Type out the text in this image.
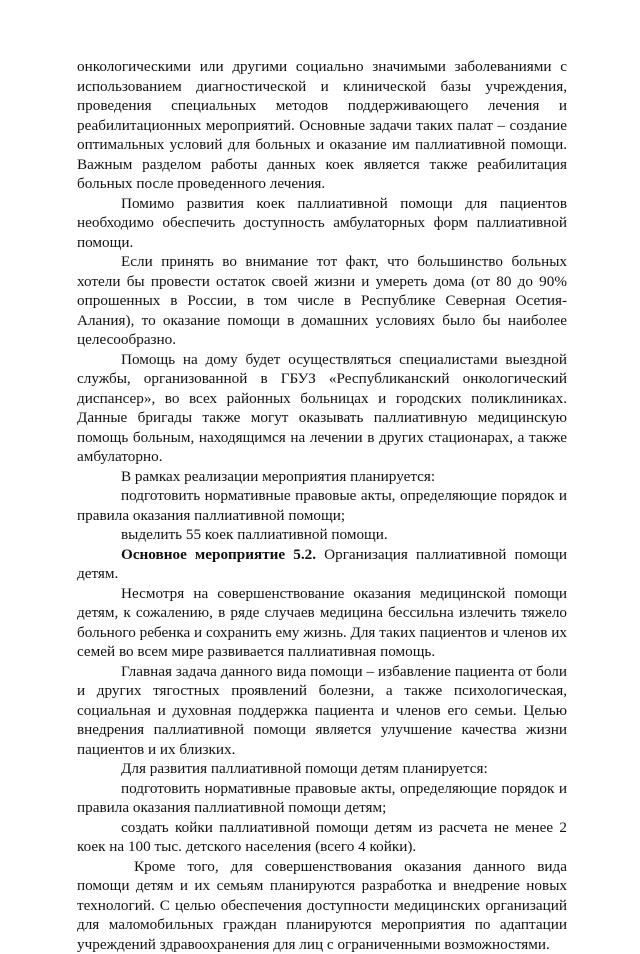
онкологическими или другими социально значимыми заболеваниями с использованием диагностической и клинической базы учреждения, проведения специальных методов поддерживающего лечения и реабилитационных мероприятий. Основные задачи таких палат – создание оптимальных условий для больных и оказание им паллиативной помощи. Важным разделом работы данных коек является также реабилитация больных после проведенного лечения.

Помимо развития коек паллиативной помощи для пациентов необходимо обеспечить доступность амбулаторных форм паллиативной помощи.

Если принять во внимание тот факт, что большинство больных хотели бы провести остаток своей жизни и умереть дома (от 80 до 90% опрошенных в России, в том числе в Республике Северная Осетия-Алания), то оказание помощи в домашних условиях было бы наиболее целесообразно.

Помощь на дому будет осуществляться специалистами выездной службы, организованной в ГБУЗ «Республиканский онкологический диспансер», во всех районных больницах и городских поликлиниках. Данные бригады также могут оказывать паллиативную медицинскую помощь больным, находящимся на лечении в других стационарах, а также амбулаторно.

В рамках реализации мероприятия планируется:

подготовить нормативные правовые акты, определяющие порядок и правила оказания паллиативной помощи;

выделить 55 коек паллиативной помощи.

Основное мероприятие 5.2. Организация паллиативной помощи детям.

Несмотря на совершенствование оказания медицинской помощи детям, к сожалению, в ряде случаев медицина бессильна излечить тяжело больного ребенка и сохранить ему жизнь. Для таких пациентов и членов их семей во всем мире развивается паллиативная помощь.

Главная задача данного вида помощи – избавление пациента от боли и других тягостных проявлений болезни, а также психологическая, социальная и духовная поддержка пациента и членов его семьи. Целью внедрения паллиативной помощи является улучшение качества жизни пациентов и их близких.

Для развития паллиативной помощи детям планируется:

подготовить нормативные правовые акты, определяющие порядок и правила оказания паллиативной помощи детям;

создать койки паллиативной помощи детям из расчета не менее 2 коек на 100 тыс. детского населения (всего 4 койки).

Кроме того, для совершенствования оказания данного вида помощи детям и их семьям планируются разработка и внедрение новых технологий. С целью обеспечения доступности медицинских организаций для маломобильных граждан планируются мероприятия по адаптации учреждений здравоохранения для лиц с ограниченными возможностями.
